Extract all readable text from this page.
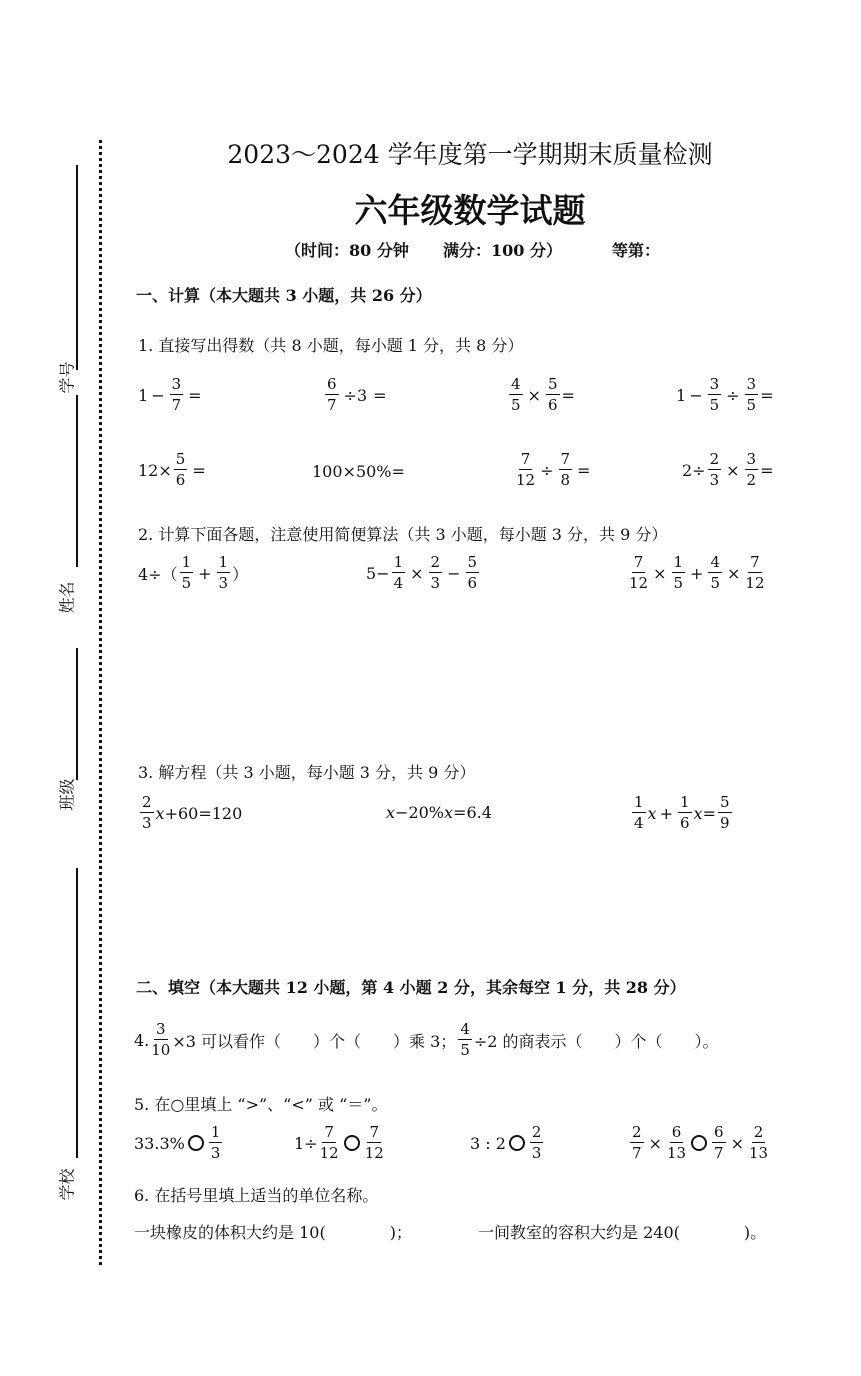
学号
姓名
班级
学校
2023～2024 学年度第一学期期末质量检测
六年级数学试题
（时间：80 分钟 满分：100 分）	等第：
一、计算（本大题共 3 小题，共 26 分）
1. 直接写出得数（共 8 小题，每小题 1 分，共 8 分）
$1 - \frac{3}{7}$ =	$\frac{6}{7} \div 3$ =	$\frac{4}{5} \times \frac{5}{6}$ =	$1 - \frac{3}{5} \div \frac{3}{5}$ =
$12\times \frac{5}{6}$ =	100×50%=	$\frac{7}{12} \div \frac{7}{8}$ =	$2\div \frac{2}{3} \times \frac{3}{2}$ =
2. 计算下面各题，注意使用简便算法（共 3 小题，每小题 3 分，共 9 分）
$4\div( \frac{1}{5} + \frac{1}{3}$ ）	$5- \frac{1}{4} \times \frac{2}{3} - \frac{5}{6}$	$\frac{7}{12} \times \frac{1}{5} + \frac{4}{5} \times \frac{7}{12}$
3. 解方程（共 3 小题，每小题 3 分，共 9 分）
$\frac{2}{3}$ x +60=120	x −20% x =6.4	$\frac{1}{4}$ $x + \frac{1}{6}$ $x = \frac{5}{9}$
二、填空（本大题共 12 小题，第 4 小题 2 分，其余每空 1 分，共 28 分）
4. $\frac{3}{10} \times 3$ 可以看作（　　）个（　　）乘 3； $\frac{4}{5} \div 2$ 的商表示（　　）个（　　）。
5. 在○里填上 “>”、“<” 或 “＝”。
$33.3\% \frac{1}{3}$	$1\div \frac{7}{12} \frac{7}{12}$	3 : $2 \frac{2}{3}$	$\frac{2}{7} \times \frac{6}{13} \frac{6}{7} \times \frac{2}{13}$
6. 在括号里填上适当的单位名称。
一块橡皮的体积大约是 10(　　　　)；	一间教室的容积大约是 240(　　　　)。
